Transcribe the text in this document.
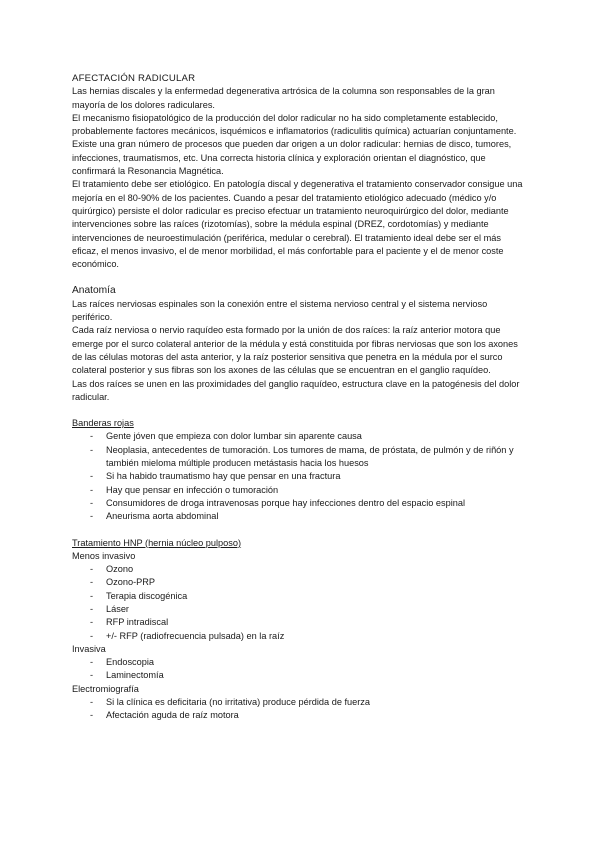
AFECTACIÓN RADICULAR

Las hernias discales y la enfermedad degenerativa artrósica de la columna son responsables de la gran mayoría de los dolores radiculares.

El mecanismo fisiopatológico de la producción del dolor radicular no ha sido completamente establecido, probablemente factores mecánicos, isquémicos e inflamatorios (radiculitis química) actuarían conjuntamente.

Existe una gran número de procesos que pueden dar origen a un dolor radicular: hernias de disco, tumores, infecciones, traumatismos, etc. Una correcta historia clínica y exploración orientan el diagnóstico, que confirmará la Resonancia Magnética.

El tratamiento debe ser etiológico. En patología discal y degenerativa el tratamiento conservador consigue una mejoría en el 80-90% de los pacientes. Cuando a pesar del tratamiento etiológico adecuado (médico y/o quirúrgico) persiste el dolor radicular es preciso efectuar un tratamiento neuroquirúrgico del dolor, mediante intervenciones sobre las raíces (rizotomías), sobre la médula espinal (DREZ, cordotomías) y mediante intervenciones de neuroestimulación (periférica, medular o cerebral). El tratamiento ideal debe ser el más eficaz, el menos invasivo, el de menor morbilidad, el más confortable para el paciente y el de menor coste económico.

Anatomía

Las raíces nerviosas espinales son la conexión entre el sistema nervioso central y el sistema nervioso periférico.

Cada raíz nerviosa o nervio raquídeo esta formado por la unión de dos raíces: la raíz anterior motora que emerge por el surco colateral anterior de la médula y está constituida por fibras nerviosas que son los axones de las células motoras del asta anterior, y la raíz posterior sensitiva que penetra en la médula por el surco colateral posterior y sus fibras son los axones de las células que se encuentran en el ganglio raquídeo.

Las dos raíces se unen en las proximidades del ganglio raquídeo, estructura clave en la patogénesis del dolor radicular.

Banderas rojas

- Gente jóven que empieza con dolor lumbar sin aparente causa
- Neoplasia, antecedentes de tumoración. Los tumores de mama, de próstata, de pulmón y de riñón y también mieloma múltiple producen metástasis hacia los huesos
- Si ha habido traumatismo hay que pensar en una fractura
- Hay que pensar en infección o tumoración
- Consumidores de droga intravenosas porque hay infecciones dentro del espacio espinal
- Aneurisma aorta abdominal

Tratamiento HNP (hernia núcleo pulposo)

Menos invasivo

- Ozono
- Ozono-PRP
- Terapia discogénica
- Láser
- RFP intradiscal
- +/- RFP (radiofrecuencia pulsada) en la raíz

Invasiva

- Endoscopia
- Laminectomía

Electromiografía

- Si la clínica es deficitaria (no irritativa) produce pérdida de fuerza
- Afectación aguda de raíz motora
